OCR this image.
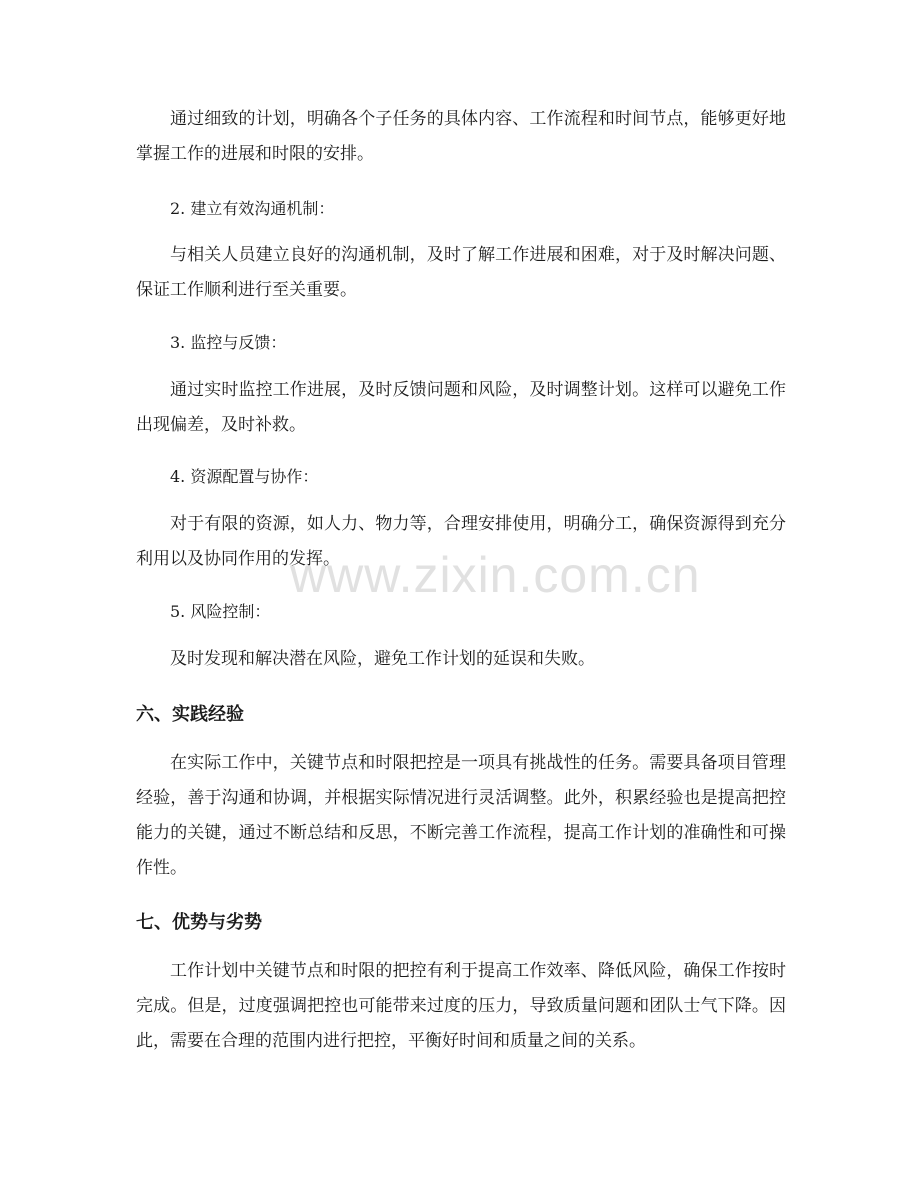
通过细致的计划，明确各个子任务的具体内容、工作流程和时间节点，能够更好地掌握工作的进展和时限的安排。

2. 建立有效沟通机制：

与相关人员建立良好的沟通机制，及时了解工作进展和困难，对于及时解决问题、保证工作顺利进行至关重要。

3. 监控与反馈：

通过实时监控工作进展，及时反馈问题和风险，及时调整计划。这样可以避免工作出现偏差，及时补救。

4. 资源配置与协作：

对于有限的资源，如人力、物力等，合理安排使用，明确分工，确保资源得到充分利用以及协同作用的发挥。

5. 风险控制：

及时发现和解决潜在风险，避免工作计划的延误和失败。

六、实践经验

在实际工作中，关键节点和时限把控是一项具有挑战性的任务。需要具备项目管理经验，善于沟通和协调，并根据实际情况进行灵活调整。此外，积累经验也是提高把控能力的关键，通过不断总结和反思，不断完善工作流程，提高工作计划的准确性和可操作性。

七、优势与劣势

工作计划中关键节点和时限的把控有利于提高工作效率、降低风险，确保工作按时完成。但是，过度强调把控也可能带来过度的压力，导致质量问题和团队士气下降。因此，需要在合理的范围内进行把控，平衡好时间和质量之间的关系。

www.zixin.com.cn
